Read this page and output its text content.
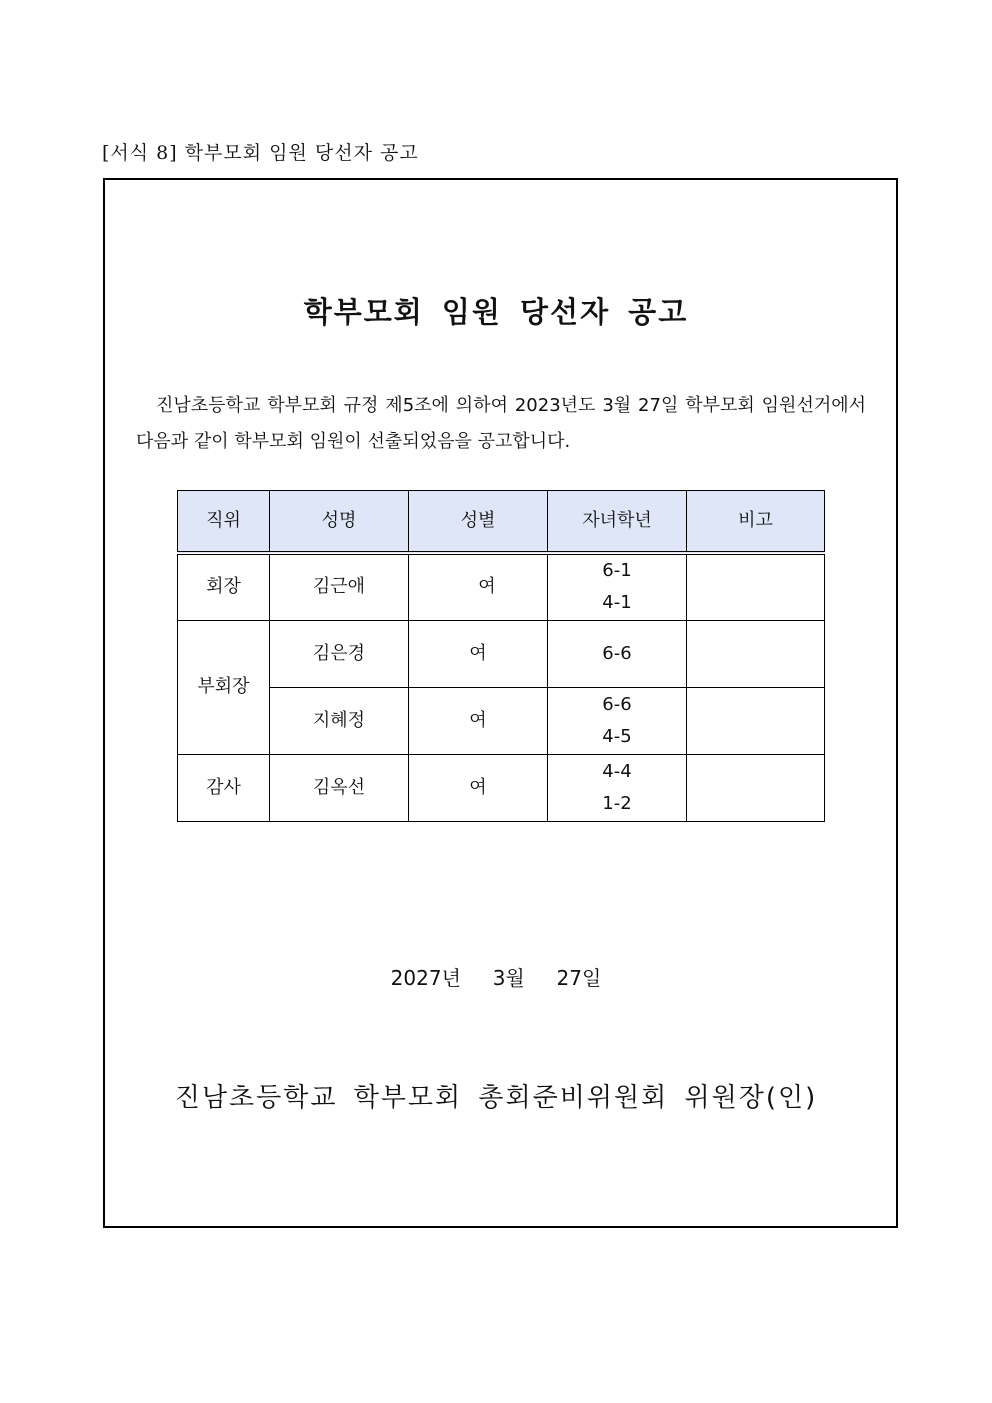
[서식 8] 학부모회 임원 당선자 공고
학부모회 임원 당선자 공고
진남초등학교 학부모회 규정 제5조에 의하여 2023년도 3월 27일 학부모회 임원선거에서 다음과 같이 학부모회 임원이 선출되었음을 공고합니다.
직위	성명	성별	자녀학년	비고
회장	김근애	여	6-1
4-1	

부회장	김은경	여	6-6	

	지혜정	여	6-6
4-5	

감사	김옥선	여	4-4
1-2	

2027년 3월 27일
진남초등학교 학부모회 총회준비위원회 위원장(인)
